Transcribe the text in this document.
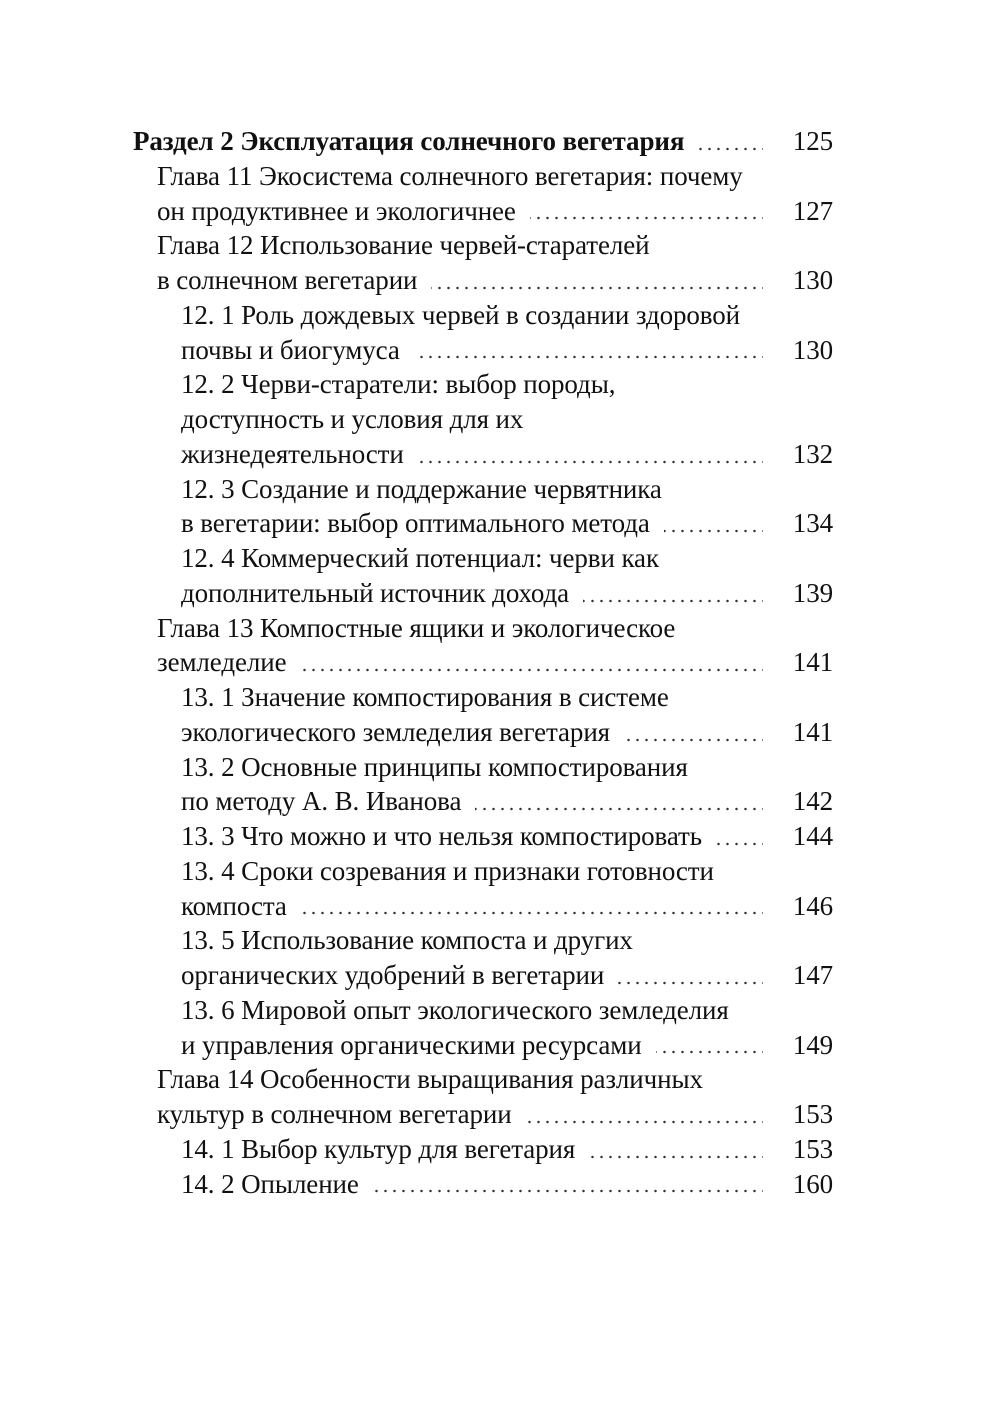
Раздел 2 Эксплуатация солнечного вегетария	125
Глава 11 Экосистема солнечного вегетария: почему
он продуктивнее и экологичнее	127
Глава 12 Использование червей-старателей
в солнечном вегетарии	130
12. 1 Роль дождевых червей в создании здоровой
почвы и биогумуса	130
12. 2 Черви-старатели: выбор породы,
доступность и условия для их
жизнедеятельности	132
12. 3 Создание и поддержание червятника
в вегетарии: выбор оптимального метода	134
12. 4 Коммерческий потенциал: черви как
дополнительный источник дохода	139
Глава 13 Компостные ящики и экологическое
земледелие	141
13. 1 Значение компостирования в системе
экологического земледелия вегетария	141
13. 2 Основные принципы компостирования
по методу А. В. Иванова	142
13. 3 Что можно и что нельзя компостировать	144
13. 4 Сроки созревания и признаки готовности
компоста	146
13. 5 Использование компоста и других
органических удобрений в вегетарии	147
13. 6 Мировой опыт экологического земледелия
и управления органическими ресурсами	149
Глава 14 Особенности выращивания различных
культур в солнечном вегетарии	153
14. 1 Выбор культур для вегетария	153
14. 2 Опыление	160
